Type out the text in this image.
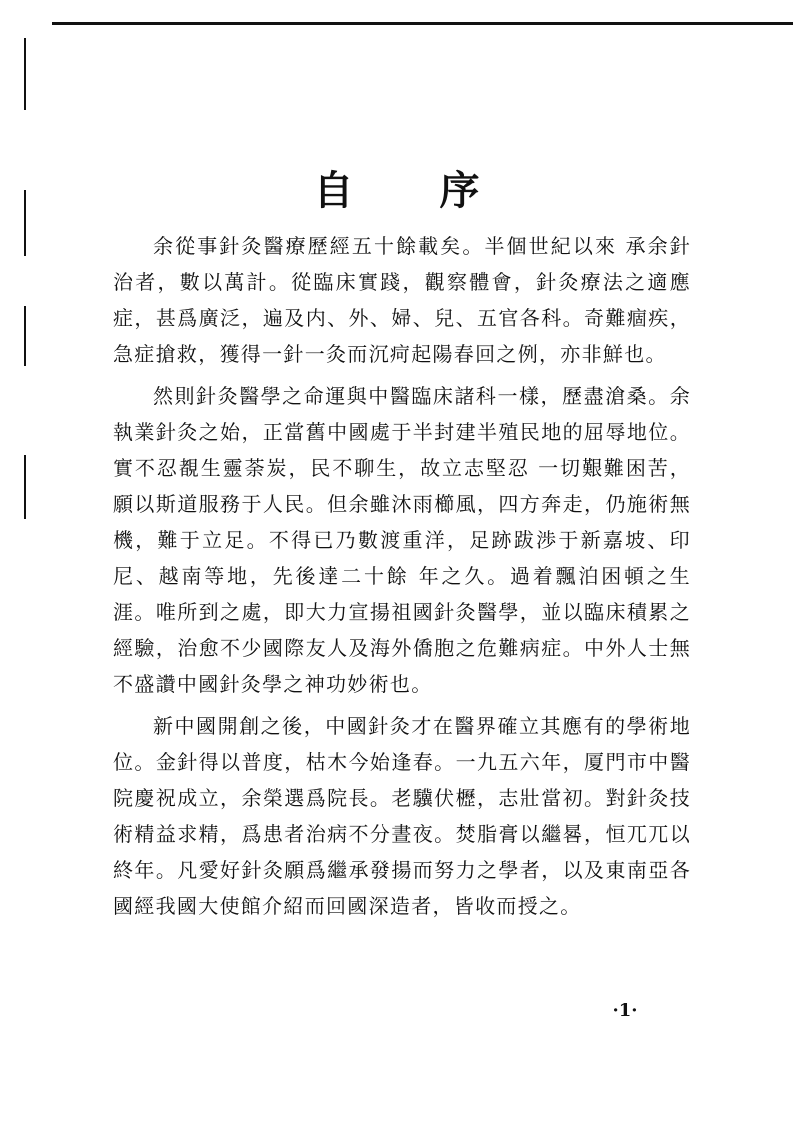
自 序

余從事針灸醫療歷經五十餘載矣。半個世紀以來 承余針治者，數以萬計。從臨床實踐，觀察體會，針灸療法之適應症，甚爲廣泛，遍及内、外、婦、兒、五官各科。奇難痼疾，急症搶救，獲得一針一灸而沉疴起陽春回之例，亦非鮮也。

然則針灸醫學之命運與中醫臨床諸科一樣，歷盡滄桑。余執業針灸之始，正當舊中國處于半封建半殖民地的屈辱地位。實不忍覩生靈荼炭，民不聊生，故立志堅忍 一切艱難困苦，願以斯道服務于人民。但余雖沐雨櫛風，四方奔走，仍施術無機，難于立足。不得已乃數渡重洋，足跡跋渉于新嘉坡、印尼、越南等地，先後達二十餘 年之久。過着飄泊困頓之生涯。唯所到之處，即大力宣揚祖國針灸醫學，並以臨床積累之經驗，治愈不少國際友人及海外僑胞之危難病症。中外人士無不盛讚中國針灸學之神功妙術也。

新中國開創之後，中國針灸才在醫界確立其應有的學術地位。金針得以普度，枯木今始逢春。一九五六年，厦門市中醫院慶祝成立，余榮選爲院長。老驥伏櫪，志壯當初。對針灸技術精益求精，爲患者治病不分晝夜。焚脂膏以繼晷，恒兀兀以終年。凡愛好針灸願爲繼承發揚而努力之學者，以及東南亞各國經我國大使館介紹而回國深造者，皆收而授之。

·1·
